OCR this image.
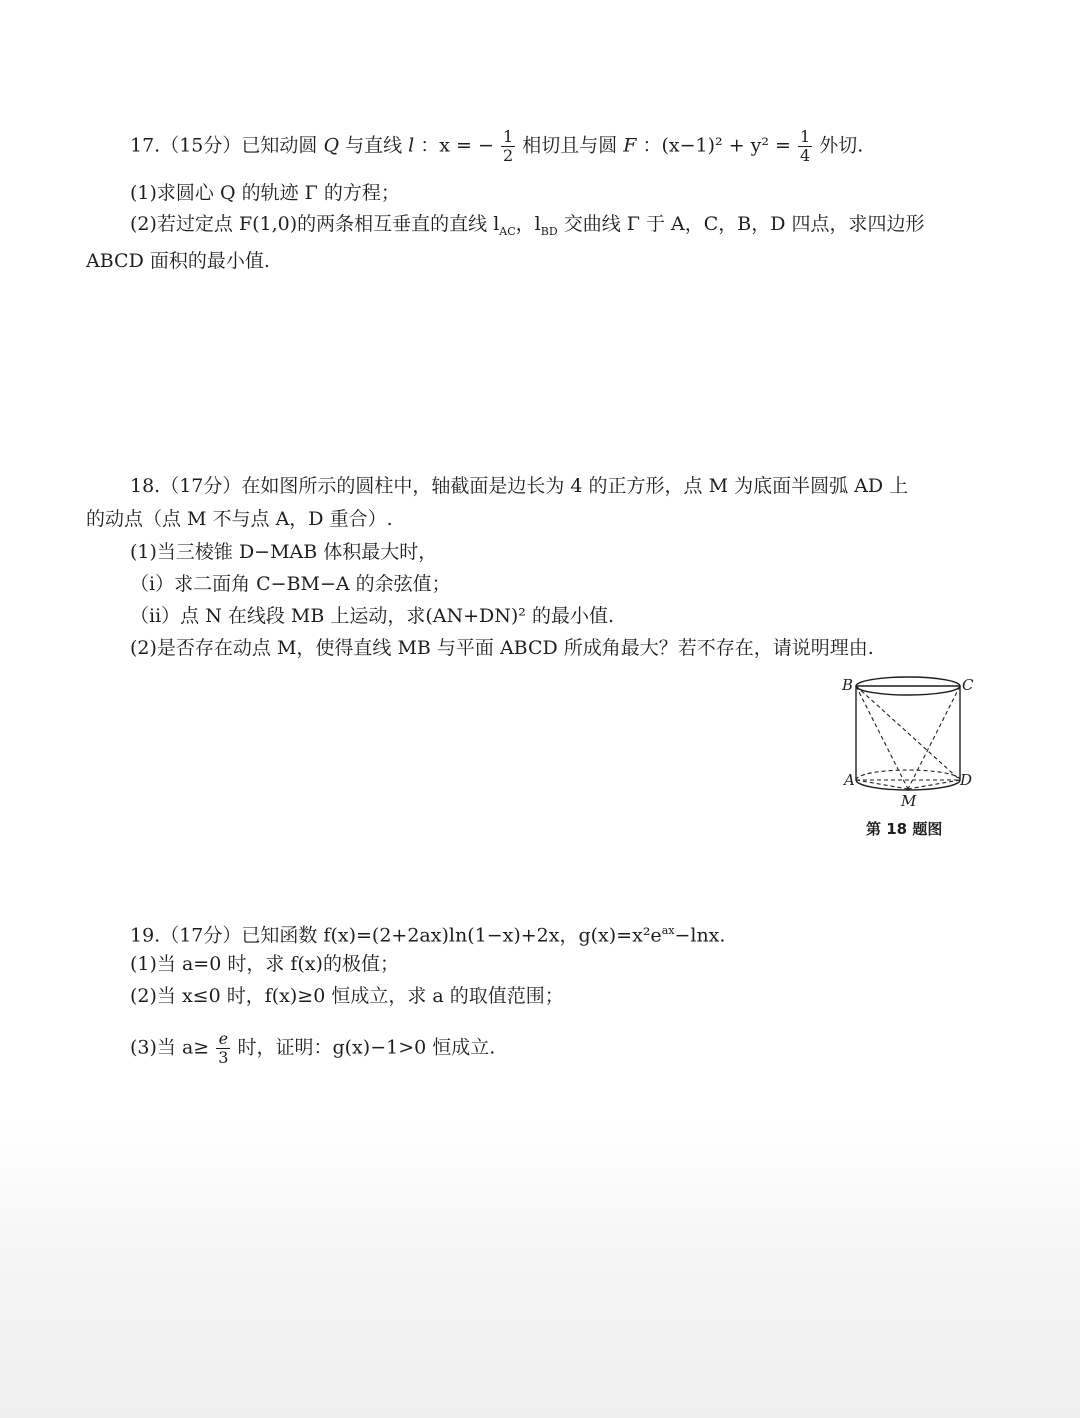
17.（15分）已知动圆 Q 与直线 l ：x = − $\frac{1}{2}$ 相切且与圆 F ：$(x-1)^2 + y^2 = \frac{1}{4}$ 外切.
(1)求圆心 Q 的轨迹 Γ 的方程；
(2)若过定点 F(1,0)的两条相互垂直的直线 $l_{AC}$，$l_{BD}$ 交曲线 Γ 于 A，C，B，D 四点，求四边形
ABCD 面积的最小值.
18.（17分）在如图所示的圆柱中，轴截面是边长为 4 的正方形，点 M 为底面半圆弧 AD 上
的动点（点 M 不与点 A，D 重合）.
(1)当三棱锥 D−MAB 体积最大时，
（ⅰ）求二面角 C−BM−A 的余弦值；
（ⅱ）点 N 在线段 MB 上运动，求(AN+DN)² 的最小值.
(2)是否存在动点 M，使得直线 MB 与平面 ABCD 所成角最大？若不存在，请说明理由.
B	C
A	D
M
第 18 题图
19.（17分）已知函数 f(x)=(2+2ax)ln(1−x)+2x，$g(x)=x^2e^{ax}-\ln x$.
(1)当 a=0 时，求 f(x)的极值；
(2)当 x≤0 时，f(x)≥0 恒成立，求 a 的取值范围；
(3)当 $a\ge \frac{e}{3}$ 时，证明：g(x)−1>0 恒成立.
